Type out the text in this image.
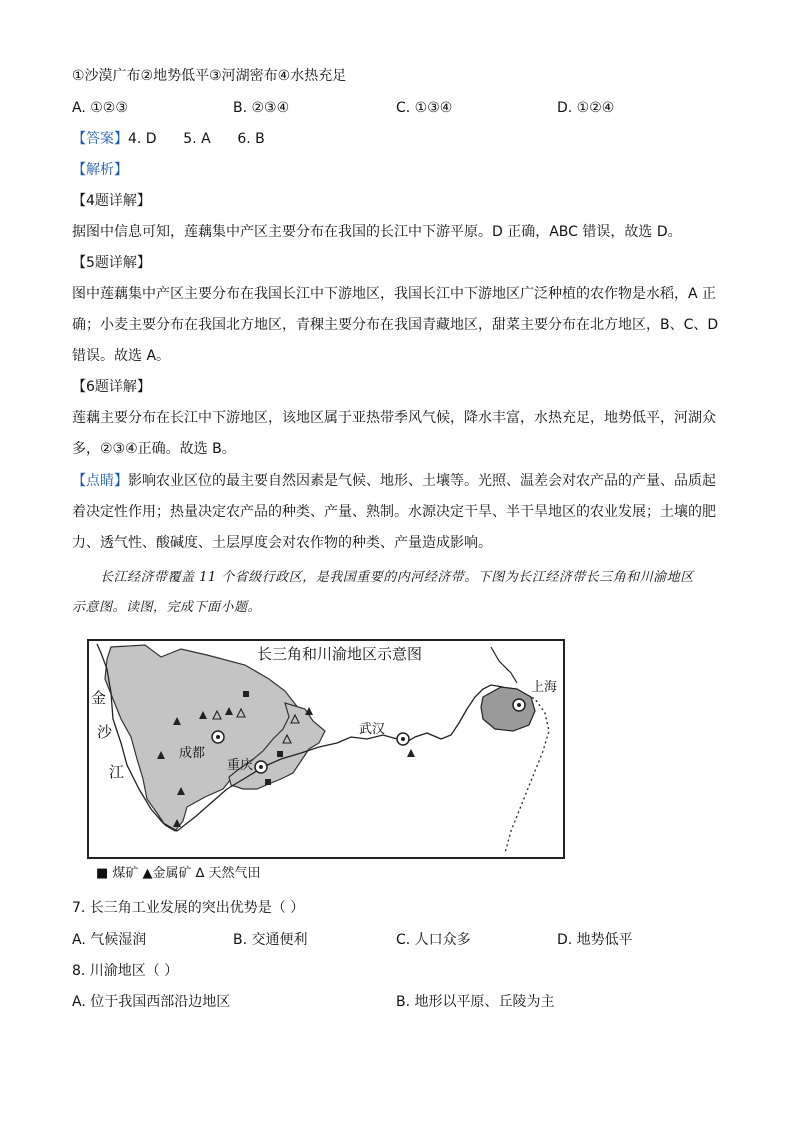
①沙漠广布②地势低平③河湖密布④水热充足
A. ①②③	B. ②③④	C. ①③④	D. ①②④
【答案】4. D      5. A      6. B
【解析】
【4题详解】
据图中信息可知，莲藕集中产区主要分布在我国的长江中下游平原。D 正确，ABC 错误，故选 D。
【5题详解】
图中莲藕集中产区主要分布在我国长江中下游地区，我国长江中下游地区广泛种植的农作物是水稻，A 正
确；小麦主要分布在我国北方地区，青稞主要分布在我国青藏地区，甜菜主要分布在北方地区，B、C、D
错误。故选 A。
【6题详解】
莲藕主要分布在长江中下游地区，该地区属于亚热带季风气候，降水丰富，水热充足，地势低平，河湖众
多，②③④正确。故选 B。
【点睛】影响农业区位的最主要自然因素是气候、地形、土壤等。光照、温差会对农产品的产量、品质起
着决定性作用；热量决定农产品的种类、产量、熟制。水源决定干旱、半干旱地区的农业发展；土壤的肥
力、透气性、酸碱度、土层厚度会对农作物的种类、产量造成影响。
长江经济带覆盖 11 个省级行政区，是我国重要的内河经济带。下图为长江经济带长三角和川渝地区
示意图。读图，完成下面小题。
长三角和川渝地区示意图
金
沙
江
成都
重庆
武汉
上海
■ 煤矿 ▲金属矿 ∆ 天然气田
7. 长三角工业发展的突出优势是（ ）
A. 气候湿润	B. 交通便利	C. 人口众多	D. 地势低平
8. 川渝地区（ ）
A. 位于我国西部沿边地区	B. 地形以平原、丘陵为主
